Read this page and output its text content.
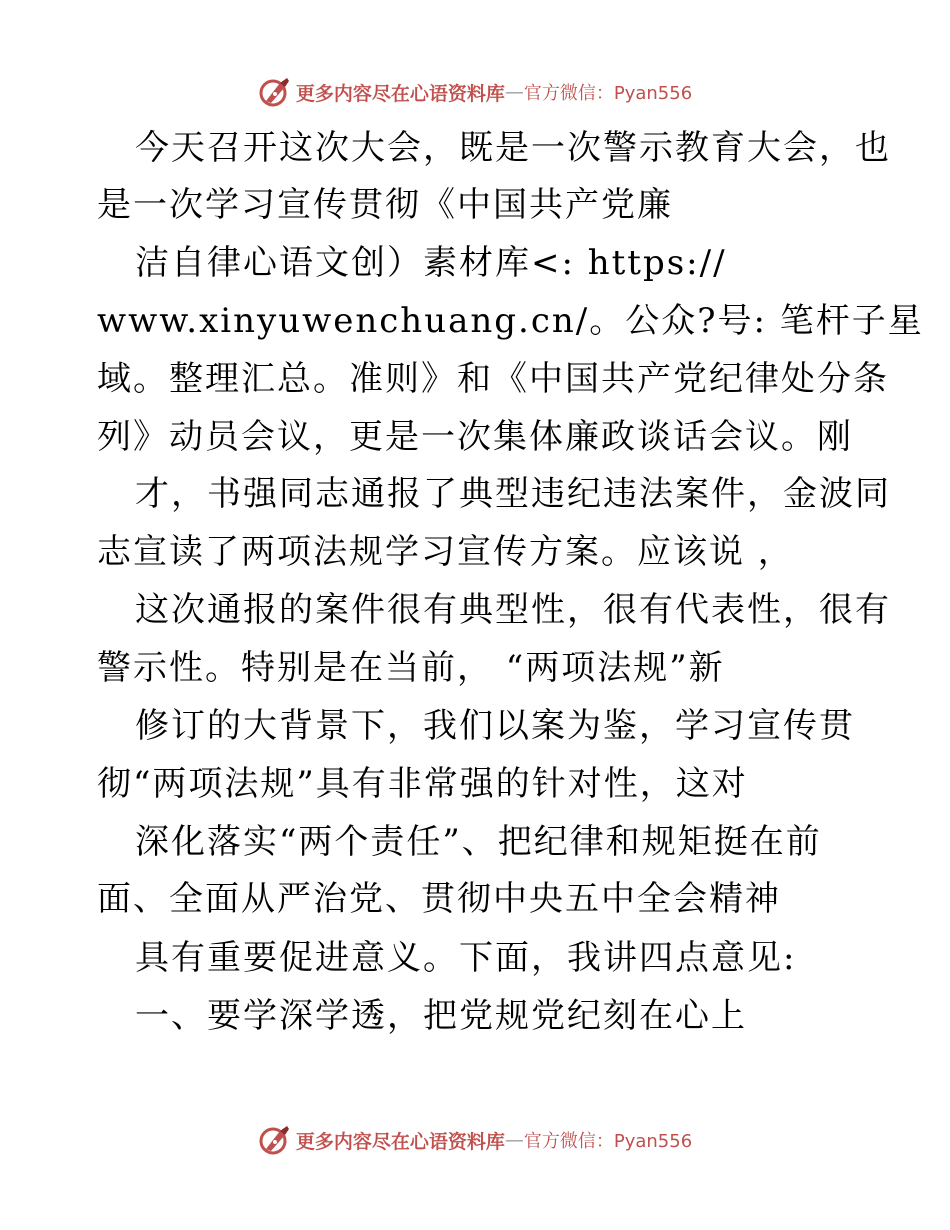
更多内容尽在心语资料库 — 官方微信：Pyan556
今天召开这次大会，既是一次警示教育大会，也
是一次学习宣传贯彻《中国共产党廉
洁自律心语文创）素材库<: https://
www.xinyuwenchuang.cn/。公众?号: 笔杆子星
域。整理汇总。准则》和《中国共产党纪律处分条
列》动员会议，更是一次集体廉政谈话会议。刚
才，书强同志通报了典型违纪违法案件，金波同
志宣读了两项法规学习宣传方案。应该说 ，
这次通报的案件很有典型性，很有代表性，很有
警示性。特别是在当前， “两项法规”新
修订的大背景下，我们以案为鉴，学习宣传贯
彻“两项法规”具有非常强的针对性，这对
深化落实“两个责任”、把纪律和规矩挺在前
面、全面从严治党、贯彻中央五中全会精神
具有重要促进意义。下面，我讲四点意见:
一、要学深学透，把党规党纪刻在心上
更多内容尽在心语资料库 — 官方微信：Pyan556
